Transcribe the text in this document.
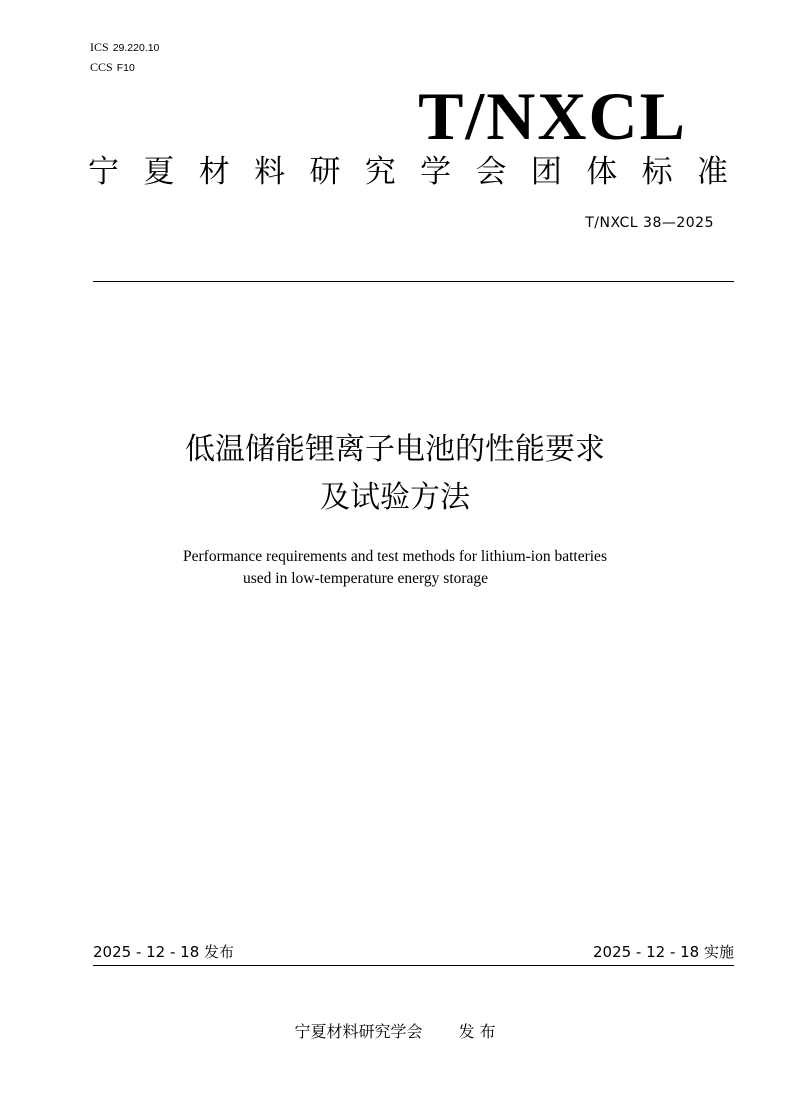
ICS 29.220.10
CCS F10
T/NXCL
宁 夏 材 料 研 究 学 会 团 体 标 准
T/NXCL 38—2025
低温储能锂离子电池的性能要求
及试验方法
Performance requirements and test methods for lithium-ion batteries
used in low-temperature energy storage
2025 - 12 - 18 发布	2025 - 12 - 18 实施
宁夏材料研究学会 发 布
